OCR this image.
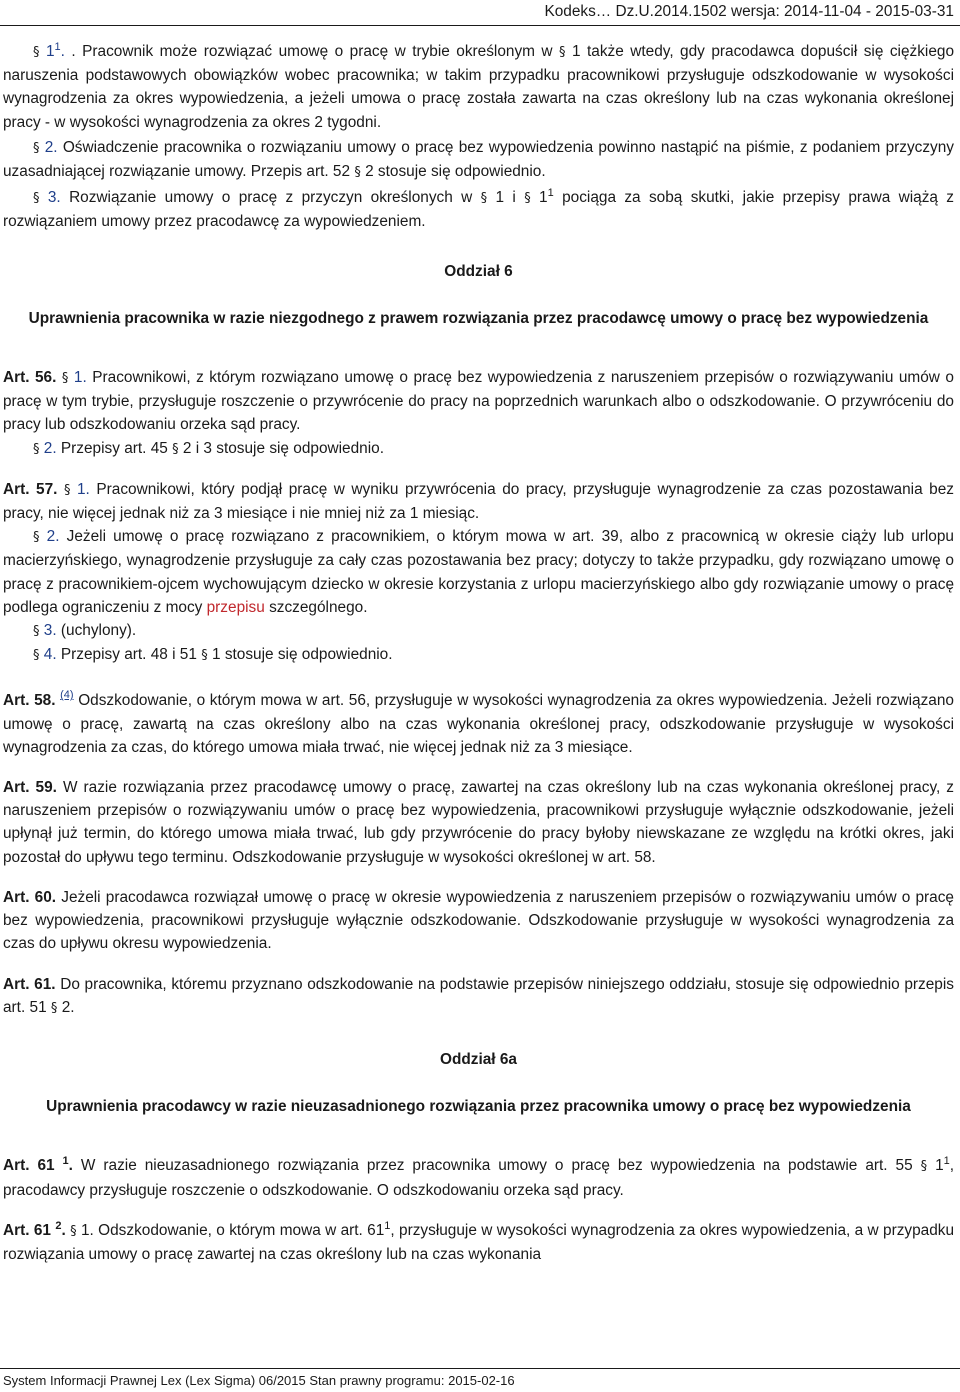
Kodeks… Dz.U.2014.1502 wersja: 2014-11-04 - 2015-03-31

§ $1^1$. . Pracownik może rozwiązać umowę o pracę w trybie określonym w § 1 także wtedy, gdy pracodawca dopuścił się ciężkiego naruszenia podstawowych obowiązków wobec pracownika; w takim przypadku pracownikowi przysługuje odszkodowanie w wysokości wynagrodzenia za okres wypowiedzenia, a jeżeli umowa o pracę została zawarta na czas określony lub na czas wykonania określonej pracy - w wysokości wynagrodzenia za okres 2 tygodni.

§ 2. Oświadczenie pracownika o rozwiązaniu umowy o pracę bez wypowiedzenia powinno nastąpić na piśmie, z podaniem przyczyny uzasadniającej rozwiązanie umowy. Przepis art. 52 § 2 stosuje się odpowiednio.

§ 3. Rozwiązanie umowy o pracę z przyczyn określonych w § 1 i § $1^1$ pociąga za sobą skutki, jakie przepisy prawa wiążą z rozwiązaniem umowy przez pracodawcę za wypowiedzeniem.

Oddział 6

Uprawnienia pracownika w razie niezgodnego z prawem rozwiązania przez pracodawcę umowy o pracę bez wypowiedzenia

Art. 56. § 1. Pracownikowi, z którym rozwiązano umowę o pracę bez wypowiedzenia z naruszeniem przepisów o rozwiązywaniu umów o pracę w tym trybie, przysługuje roszczenie o przywrócenie do pracy na poprzednich warunkach albo o odszkodowanie. O przywróceniu do pracy lub odszkodowaniu orzeka sąd pracy.

§ 2. Przepisy art. 45 § 2 i 3 stosuje się odpowiednio.

Art. 57. § 1. Pracownikowi, który podjął pracę w wyniku przywrócenia do pracy, przysługuje wynagrodzenie za czas pozostawania bez pracy, nie więcej jednak niż za 3 miesiące i nie mniej niż za 1 miesiąc.

§ 2. Jeżeli umowę o pracę rozwiązano z pracownikiem, o którym mowa w art. 39, albo z pracownicą w okresie ciąży lub urlopu macierzyńskiego, wynagrodzenie przysługuje za cały czas pozostawania bez pracy; dotyczy to także przypadku, gdy rozwiązano umowę o pracę z pracownikiem-ojcem wychowującym dziecko w okresie korzystania z urlopu macierzyńskiego albo gdy rozwiązanie umowy o pracę podlega ograniczeniu z mocy przepisu szczególnego.

§ 3. (uchylony).

§ 4. Przepisy art. 48 i 51 § 1 stosuje się odpowiednio.

Art. 58. $^{(4)}$ Odszkodowanie, o którym mowa w art. 56, przysługuje w wysokości wynagrodzenia za okres wypowiedzenia. Jeżeli rozwiązano umowę o pracę, zawartą na czas określony albo na czas wykonania określonej pracy, odszkodowanie przysługuje w wysokości wynagrodzenia za czas, do którego umowa miała trwać, nie więcej jednak niż za 3 miesiące.

Art. 59. W razie rozwiązania przez pracodawcę umowy o pracę, zawartej na czas określony lub na czas wykonania określonej pracy, z naruszeniem przepisów o rozwiązywaniu umów o pracę bez wypowiedzenia, pracownikowi przysługuje wyłącznie odszkodowanie, jeżeli upłynął już termin, do którego umowa miała trwać, lub gdy przywrócenie do pracy byłoby niewskazane ze względu na krótki okres, jaki pozostał do upływu tego terminu. Odszkodowanie przysługuje w wysokości określonej w art. 58.

Art. 60. Jeżeli pracodawca rozwiązał umowę o pracę w okresie wypowiedzenia z naruszeniem przepisów o rozwiązywaniu umów o pracę bez wypowiedzenia, pracownikowi przysługuje wyłącznie odszkodowanie. Odszkodowanie przysługuje w wysokości wynagrodzenia za czas do upływu okresu wypowiedzenia.

Art. 61. Do pracownika, któremu przyznano odszkodowanie na podstawie przepisów niniejszego oddziału, stosuje się odpowiednio przepis art. 51 § 2.

Oddział 6a

Uprawnienia pracodawcy w razie nieuzasadnionego rozwiązania przez pracownika umowy o pracę bez wypowiedzenia

Art. 61 $^1$. W razie nieuzasadnionego rozwiązania przez pracownika umowy o pracę bez wypowiedzenia na podstawie art. 55 § $1^1$, pracodawcy przysługuje roszczenie o odszkodowanie. O odszkodowaniu orzeka sąd pracy.

Art. 61 $^2$. § 1. Odszkodowanie, o którym mowa w art. $61^1$, przysługuje w wysokości wynagrodzenia za okres wypowiedzenia, a w przypadku rozwiązania umowy o pracę zawartej na czas określony lub na czas wykonania

System Informacji Prawnej Lex (Lex Sigma) 06/2015 Stan prawny programu: 2015-02-16
